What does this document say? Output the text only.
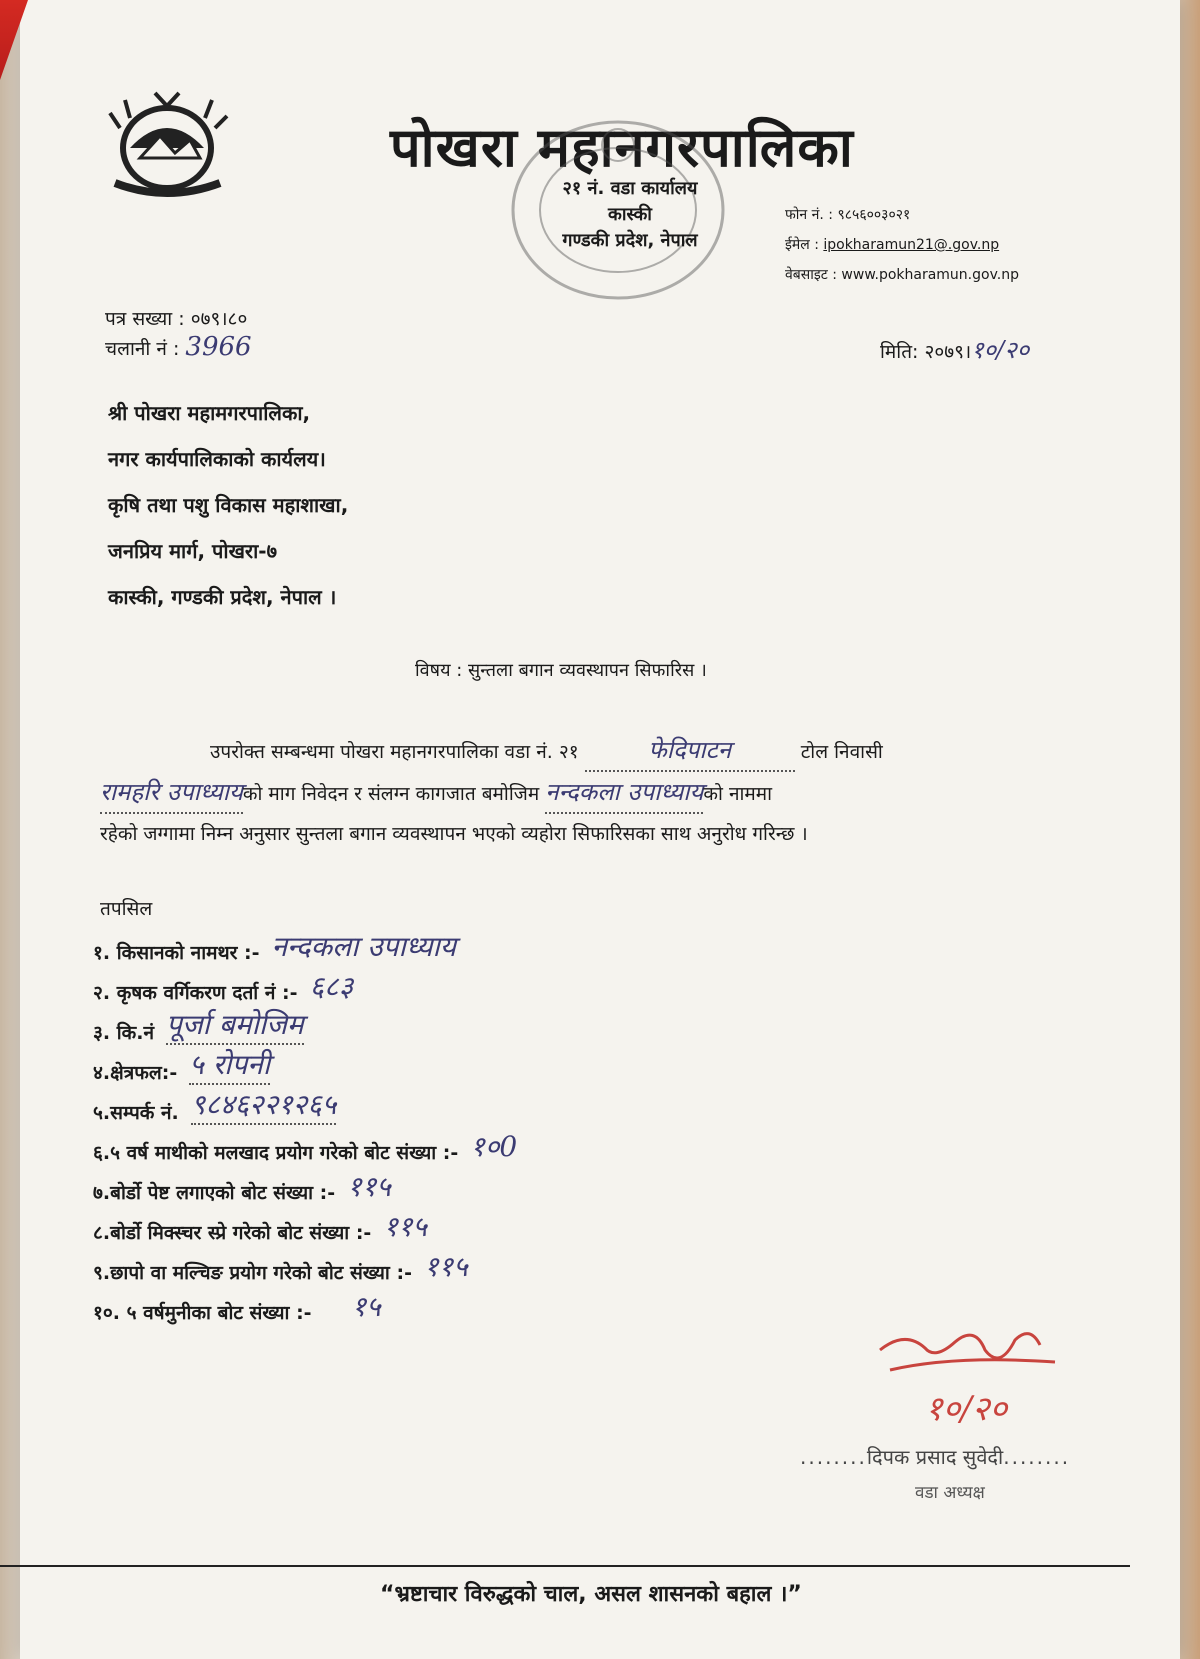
पोखरा महानगरपालिका
२१ नं. वडा कार्यालय
कास्की
गण्डकी प्रदेश, नेपाल
फोन नं. : ९८५६००३०२१
ईमेल : ipokharamun21@.gov.np
वेबसाइट : www.pokharamun.gov.np
पत्र सख्या : ०७९।८०
चलानी नं : 3966	मिति: २०७९।१०/२०
श्री पोखरा महामगरपालिका,
नगर कार्यपालिकाको कार्यलय।
कृषि तथा पशु विकास महाशाखा,
जनप्रिय मार्ग, पोखरा-७
कास्की, गण्डकी प्रदेश, नेपाल ।
विषय : सुन्तला बगान व्यवस्थापन सिफारिस ।
उपरोक्त सम्बन्धमा पोखरा महानगरपालिका वडा नं. २१	फेदिपाटन	टोल निवासी
रामहरि उपाध्यायको माग निवेदन र संलग्न कागजात बमोजिम नन्दकला उपाध्यायको नाममा
रहेको जग्गामा निम्न अनुसार सुन्तला बगान व्यवस्थापन भएको व्यहोरा सिफारिसका साथ अनुरोध गरिन्छ ।
तपसिल
१. किसानको नामथर :- नन्दकला उपाध्याय
२. कृषक वर्गिकरण दर्ता नं :- ६८३
३. कि.नं पूर्जा बमोजिम
४.क्षेत्रफल:- ५ रोपनी
५.सम्पर्क नं. ९८४६२२१२६५
६.५ वर्ष माथीको मलखाद प्रयोग गरेको बोट संख्या :- १०0
७.बोर्डो पेष्ट लगाएको बोट संख्या :- ११५
८.बोर्डो मिक्स्चर स्प्रे गरेको बोट संख्या :- ११५
९.छापो वा मल्चिङ प्रयोग गरेको बोट संख्या :- ११५
१०. ५ वर्षमुनीका बोट संख्या :- १५
१०/२०
........दिपक प्रसाद सुवेदी........
वडा अध्यक्ष
“भ्रष्टाचार विरुद्धको चाल, असल शासनको बहाल ।”
